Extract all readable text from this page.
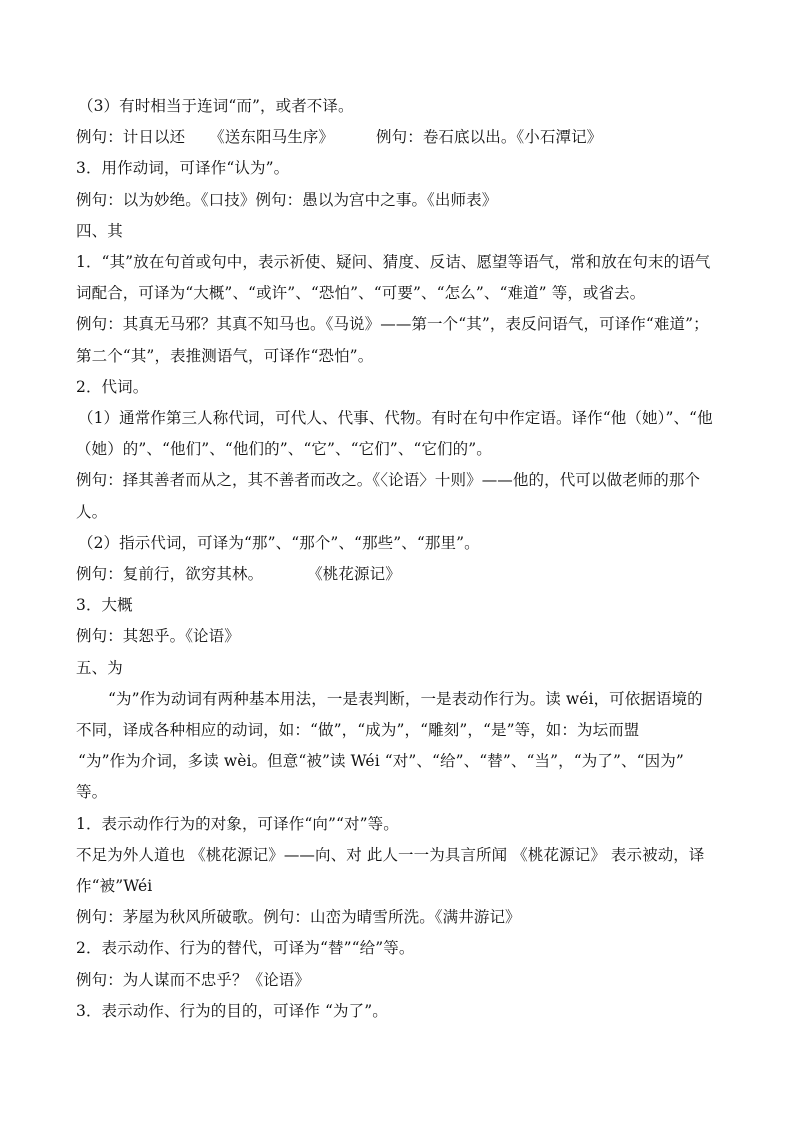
（3）有时相当于连词“而”，或者不译。
例句：计日以还 《送东阳马生序》	例句：卷石底以出。《小石潭记》
3．用作动词，可译作“认为”。
例句：以为妙绝。《口技》例句：愚以为宫中之事。《出师表》
四、其
1．“其”放在句首或句中，表示祈使、疑问、猜度、反诘、愿望等语气，常和放在句末的语气
词配合，可译为“大概”、“或许”、“恐怕”、“可要”、“怎么”、“难道” 等，或省去。
例句：其真无马邪？其真不知马也。《马说》——第一个“其”，表反问语气，可译作“难道”；
第二个“其”，表推测语气，可译作“恐怕”。
2．代词。
（1）通常作第三人称代词，可代人、代事、代物。有时在句中作定语。译作“他（她）”、“他
（她）的”、“他们”、“他们的”、“它”、“它们”、“它们的”。
例句：择其善者而从之，其不善者而改之。《〈论语〉十则》——他的，代可以做老师的那个
人。
（2）指示代词，可译为“那”、“那个”、“那些”、“那里”。
例句：复前行，欲穷其林。	《桃花源记》
3．大概
例句：其恕乎。《论语》
五、为
“为”作为动词有两种基本用法，一是表判断，一是表动作行为。读 wéi，可依据语境的
不同，译成各种相应的动词，如：“做”，“成为”，“雕刻”，“是”等，如：为坛而盟
“为”作为介词，多读 wèi。但意“被”读 Wéi “对”、“给”、“替”、“当”，“为了”、“因为”
等。
1．表示动作行为的对象，可译作“向”“对”等。
不足为外人道也 《桃花源记》——向、对 此人一一为具言所闻 《桃花源记》 表示被动，译
作“被”Wéi
例句：茅屋为秋风所破歌。例句：山峦为晴雪所洗。《满井游记》
2．表示动作、行为的替代，可译为“替”“给”等。
例句：为人谋而不忠乎？《论语》
3．表示动作、行为的目的，可译作 “为了”。
